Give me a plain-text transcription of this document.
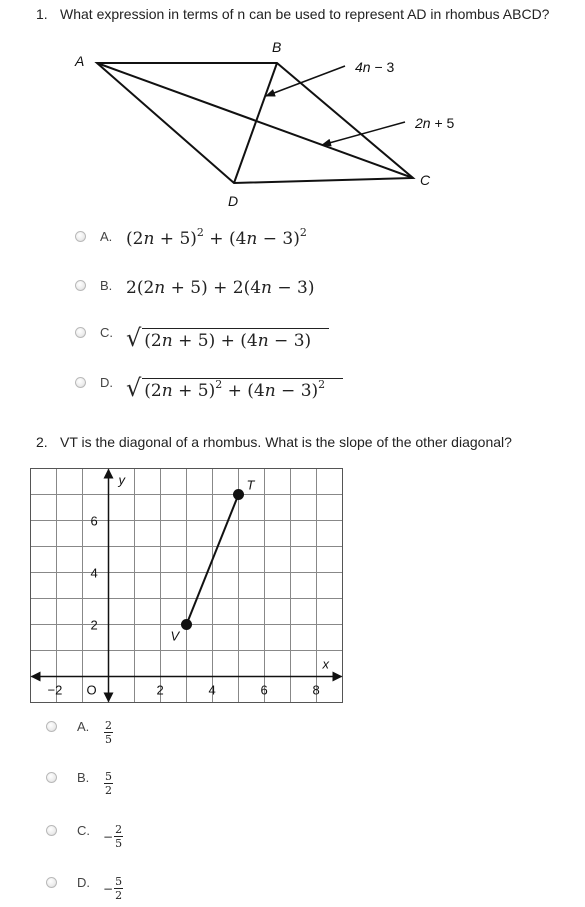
1. What expression in terms of n can be used to represent AD in rhombus ABCD?
A
B
C
D
4n − 3
2n + 5
A. $(2n + 5)^2 + (4n - 3)^2$
B. 2(2n + 5) + 2(4n − 3)
C. √ (2n + 5) + (4n − 3)
D. √ $(2n + 5)^2 + (4n - 3)^2$
2. VT is the diagonal of a rhombus. What is the slope of the other diagonal?
−2 O	2	4	6	8
2
4
6
x
y
V
T
A.	$\frac{2}{5}$
B.	$\frac{5}{2}$
C.	− $\frac{2}{5}$
D.	− $\frac{5}{2}$
